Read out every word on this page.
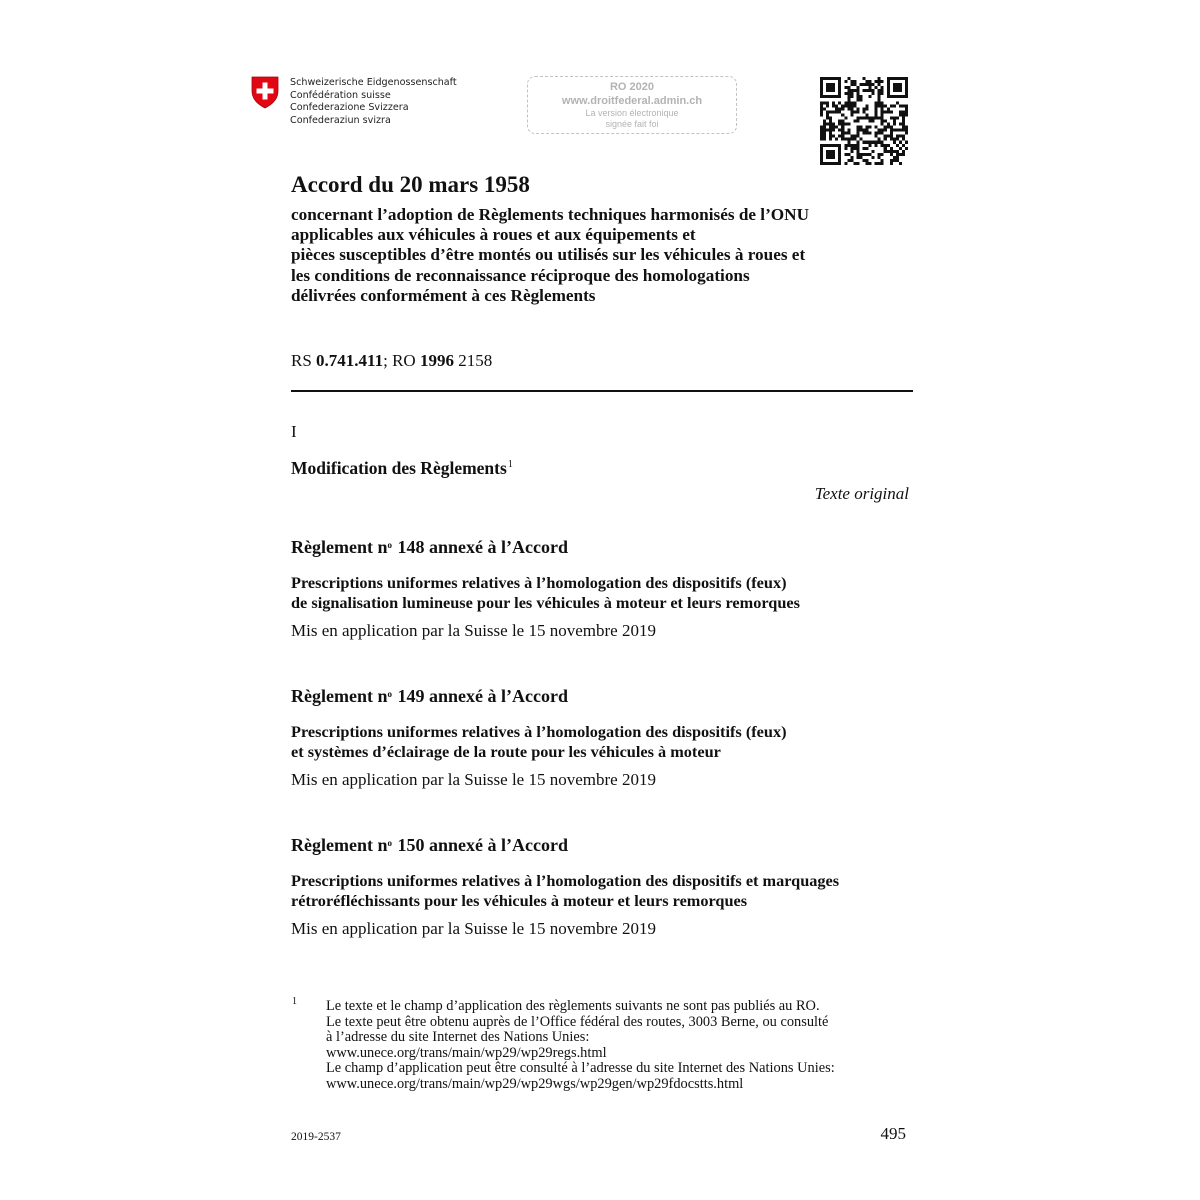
Schweizerische Eidgenossenschaft
Confédération suisse
Confederazione Svizzera
Confederaziun svizra
RO 2020
www.droitfederal.admin.ch
La version électronique
signée fait foi
Accord du 20 mars 1958
concernant l’adoption de Règlements techniques harmonisés de l’ONU
applicables aux véhicules à roues et aux équipements et
pièces susceptibles d’être montés ou utilisés sur les véhicules à roues et
les conditions de reconnaissance réciproque des homologations
délivrées conformément à ces Règlements
RS 0.741.411; RO 1996 2158
I
Modification des Règlements$^1$
Texte original
Règlement $n^o$ 148 annexé à l’Accord
Prescriptions uniformes relatives à l’homologation des dispositifs (feux)
de signalisation lumineuse pour les véhicules à moteur et leurs remorques
Mis en application par la Suisse le 15 novembre 2019
Règlement $n^o$ 149 annexé à l’Accord
Prescriptions uniformes relatives à l’homologation des dispositifs (feux)
et systèmes d’éclairage de la route pour les véhicules à moteur
Mis en application par la Suisse le 15 novembre 2019
Règlement $n^o$ 150 annexé à l’Accord
Prescriptions uniformes relatives à l’homologation des dispositifs et marquages
rétroréfléchissants pour les véhicules à moteur et leurs remorques
Mis en application par la Suisse le 15 novembre 2019
1 Le texte et le champ d’application des règlements suivants ne sont pas publiés au RO.
Le texte peut être obtenu auprès de l’Office fédéral des routes, 3003 Berne, ou consulté
à l’adresse du site Internet des Nations Unies:
www.unece.org/trans/main/wp29/wp29regs.html
Le champ d’application peut être consulté à l’adresse du site Internet des Nations Unies:
www.unece.org/trans/main/wp29/wp29wgs/wp29gen/wp29fdocstts.html
2019-2537	495
